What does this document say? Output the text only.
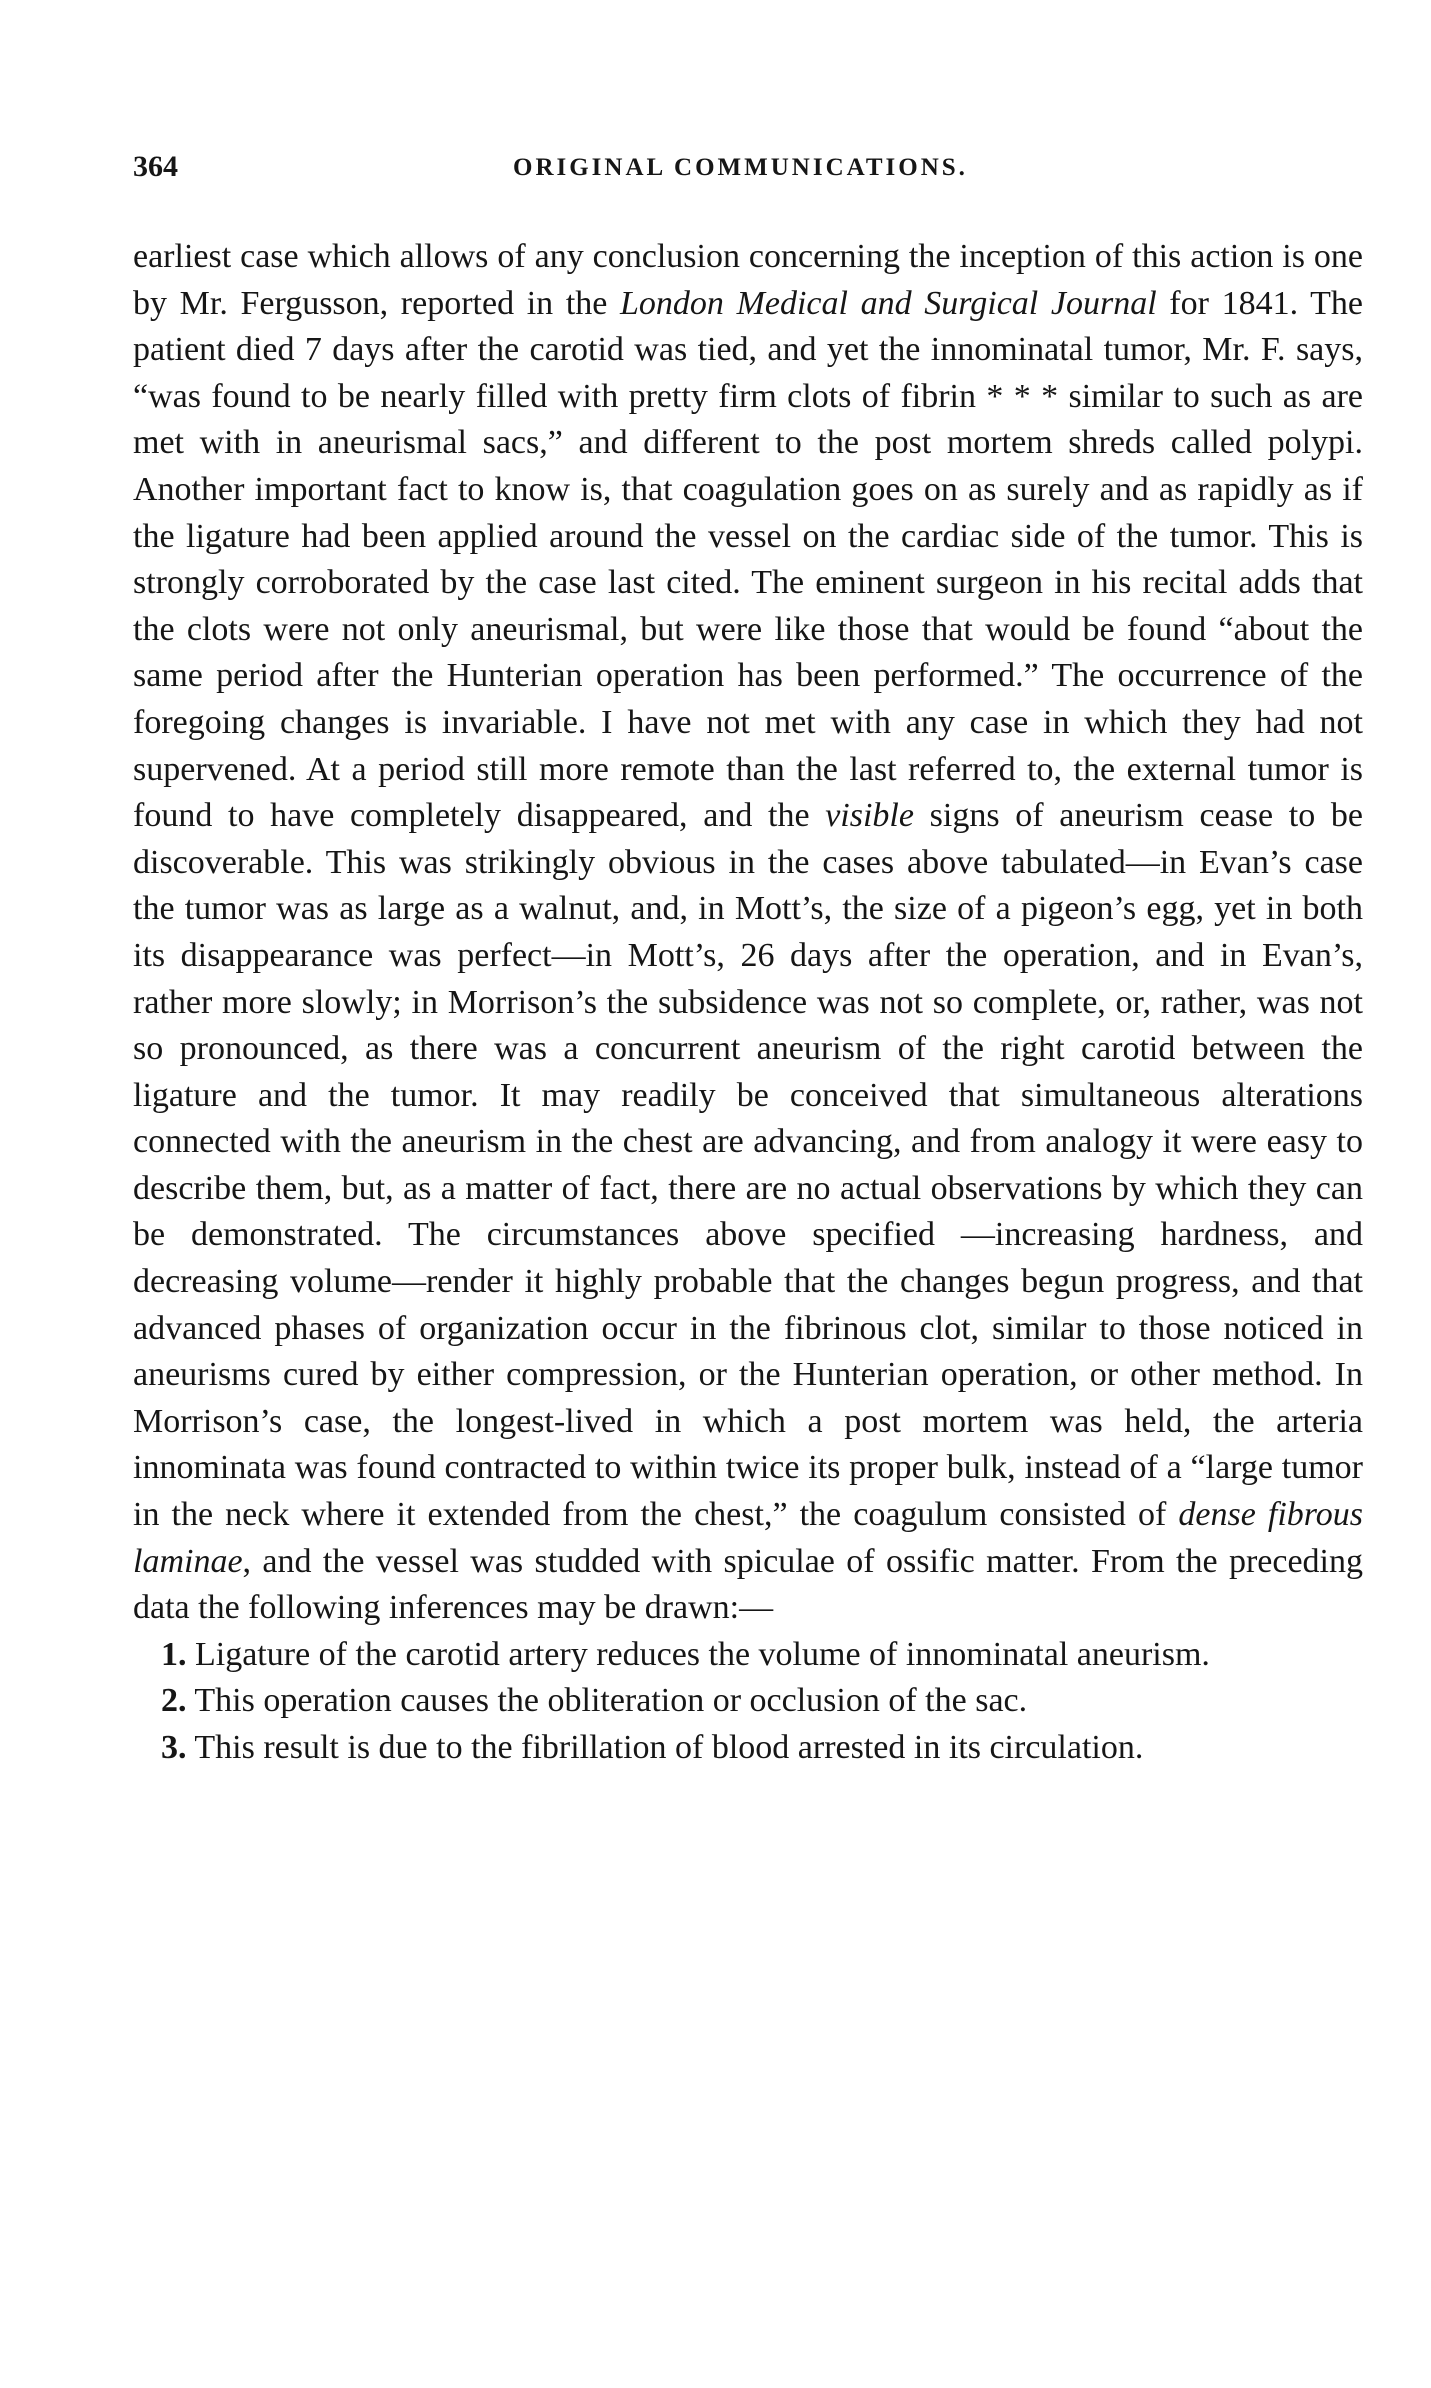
364	ORIGINAL COMMUNICATIONS.

earliest case which allows of any conclusion concerning the inception of this action is one by Mr. Fergusson, reported in the London Medical and Surgical Journal for 1841. The patient died 7 days after the carotid was tied, and yet the innominatal tumor, Mr. F. says, “was found to be nearly filled with pretty firm clots of fibrin * * * similar to such as are met with in aneurismal sacs,” and different to the post mortem shreds called polypi. Another important fact to know is, that coagulation goes on as surely and as rapidly as if the ligature had been applied around the vessel on the cardiac side of the tumor. This is strongly corroborated by the case last cited. The eminent surgeon in his recital adds that the clots were not only aneurismal, but were like those that would be found “about the same period after the Hunterian operation has been performed.” The occurrence of the foregoing changes is invariable. I have not met with any case in which they had not supervened. At a period still more remote than the last referred to, the external tumor is found to have completely disappeared, and the visible signs of aneurism cease to be discoverable. This was strikingly obvious in the cases above tabulated—in Evan’s case the tumor was as large as a walnut, and, in Mott’s, the size of a pigeon’s egg, yet in both its disappearance was perfect—in Mott’s, 26 days after the operation, and in Evan’s, rather more slowly; in Morrison’s the subsidence was not so complete, or, rather, was not so pronounced, as there was a concurrent aneurism of the right carotid between the ligature and the tumor. It may readily be conceived that simultaneous alterations connected with the aneurism in the chest are advancing, and from analogy it were easy to describe them, but, as a matter of fact, there are no actual observations by which they can be demonstrated. The circumstances above specified —increasing hardness, and decreasing volume—render it highly probable that the changes begun progress, and that advanced phases of organization occur in the fibrinous clot, similar to those noticed in aneurisms cured by either compression, or the Hunterian operation, or other method. In Morrison’s case, the longest-lived in which a post mortem was held, the arteria innominata was found contracted to within twice its proper bulk, instead of a “large tumor in the neck where it extended from the chest,” the coagulum consisted of dense fibrous laminae, and the vessel was studded with spiculae of ossific matter. From the preceding data the following inferences may be drawn:—

1. Ligature of the carotid artery reduces the volume of innominatal aneurism.

2. This operation causes the obliteration or occlusion of the sac.

3. This result is due to the fibrillation of blood arrested in its circulation.
